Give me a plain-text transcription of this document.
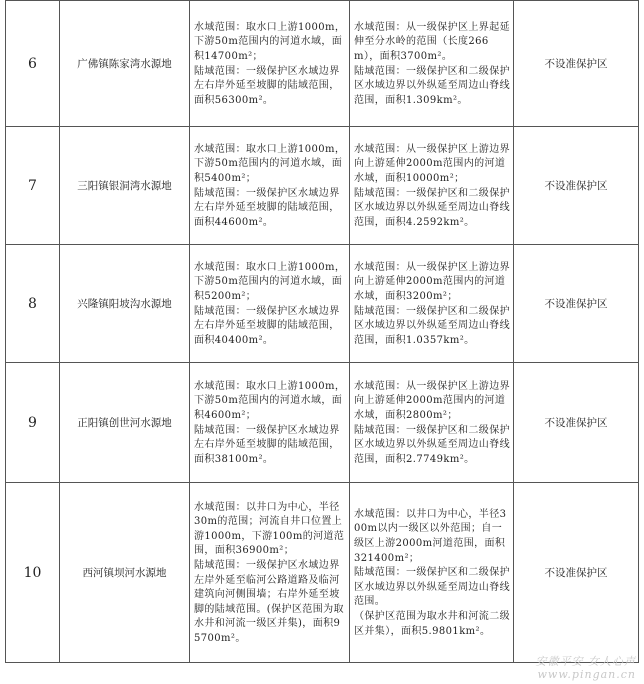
6	广佛镇陈家湾水源地	水域范围：取水口上游1000m，下游50m范围内的河道水域，面积14700m²；
陆域范围：一级保护区水域边界左右岸外延至坡脚的陆域范围，面积56300m²。	水域范围：从一级保护区上界起延伸至分水岭的范围（长度266m），面积3700m²。
陆域范围：一级保护区和二级保护区水域边界以外纵延至周边山脊线范围，面积1.309km²。	不设准保护区
7	三阳镇银洞湾水源地	水域范围：取水口上游1000m，下游50m范围内的河道水域，面积5400m²；
陆域范围：一级保护区水域边界左右岸外延至坡脚的陆域范围，面积44600m²。	水域范围：从一级保护区上游边界向上游延伸2000m范围内的河道水域，面积10000m²；
陆域范围：一级保护区和二级保护区水域边界以外纵延至周边山脊线范围，面积4.2592km²。	不设准保护区
8	兴隆镇阳坡沟水源地	水域范围：取水口上游1000m，下游50m范围内的河道水域，面积5200m²；
陆域范围：一级保护区水域边界左右岸外延至坡脚的陆域范围，面积40400m²。	水域范围：从一级保护区上游边界向上游延伸2000m范围内的河道水域，面积3200m²；
陆域范围：一级保护区和二级保护区水域边界以外纵延至周边山脊线范围，面积1.0357km²。	不设准保护区
9	正阳镇创世河水源地	水域范围：取水口上游1000m，下游50m范围内的河道水域，面积4600m²；
陆域范围：一级保护区水域边界左右岸外延至坡脚的陆域范围，面积38100m²。	水域范围：从一级保护区上游边界向上游延伸2000m范围内的河道水域，面积2800m²；
陆域范围：一级保护区和二级保护区水域边界以外纵延至周边山脊线范围，面积2.7749km²。	不设准保护区
10	西河镇坝河水源地	水域范围：以井口为中心，半径30m的范围；河流自井口位置上游1000m，下游100m的河道范围，面积36900m²；
陆域范围：一级保护区水域边界左岸外延至临河公路道路及临河建筑向河侧围墙；右岸外延至坡脚的陆域范围。(保护区范围为取水井和河流一级区并集)，面积95700m²。	水域范围：以井口为中心，半径300m以内一级区以外范围；自一级区上游2000m河道范围，面积321400m²；
陆域范围：一级保护区和二级保护区水域边界以外纵延至周边山脊线范围。
（保护区范围为取水井和河流二级区并集），面积5.9801km²。	不设准保护区
安徽平安 女人心声
www.pingan.cn
